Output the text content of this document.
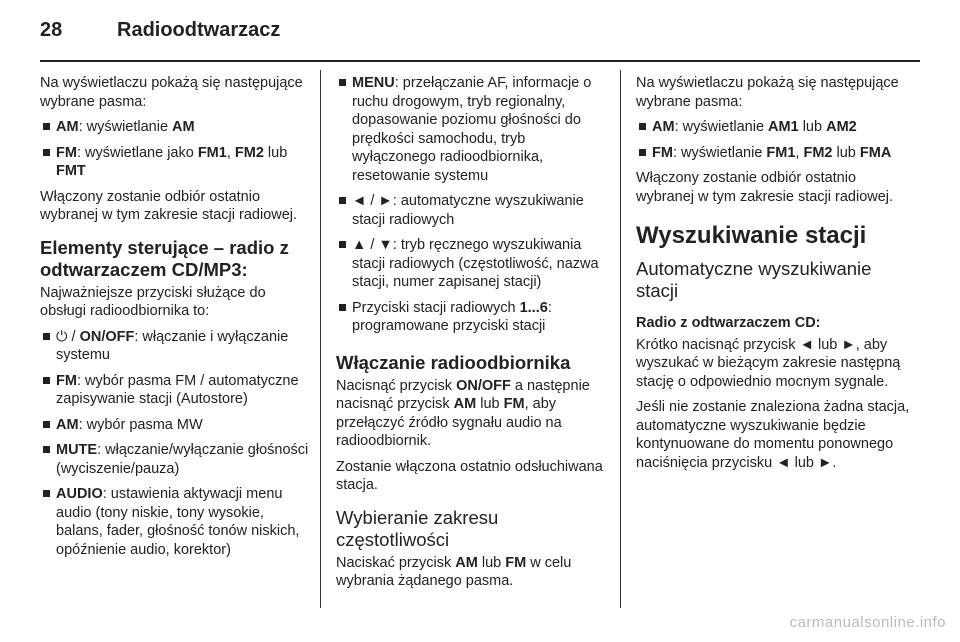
28	Radioodtwarzacz

Na wyświetlaczu pokażą się następujące wybrane pasma:

AM: wyświetlanie AM
FM: wyświetlane jako FM1, FM2 lub FMT

Włączony zostanie odbiór ostatnio wybranej w tym zakresie stacji radiowej.

Elementy sterujące – radio z odtwarzaczem CD/MP3:

Najważniejsze przyciski służące do obsługi radioodbiornika to:

⏻ / ON/OFF: włączanie i wyłączanie systemu
FM: wybór pasma FM / automatyczne zapisywanie stacji (Autostore)
AM: wybór pasma MW
MUTE: włączanie/wyłączanie głośności (wyciszenie/pauza)
AUDIO: ustawienia aktywacji menu audio (tony niskie, tony wysokie, balans, fader, głośność tonów niskich, opóźnienie audio, korektor)
MENU: przełączanie AF, informacje o ruchu drogowym, tryb regionalny, dopasowanie poziomu głośności do prędkości samochodu, tryb wyłączonego radioodbiornika, resetowanie systemu
◄ / ►: automatyczne wyszukiwanie stacji radiowych
▲ / ▼: tryb ręcznego wyszukiwania stacji radiowych (częstotliwość, nazwa stacji, numer zapisanej stacji)
Przyciski stacji radiowych 1...6: programowane przyciski stacji
Włączanie radioodbiornika

Nacisnąć przycisk ON/OFF a następnie nacisnąć przycisk AM lub FM, aby przełączyć źródło sygnału audio na radioodbiornik.

Zostanie włączona ostatnio odsłuchiwana stacja.

Wybieranie zakresu częstotliwości

Naciskać przycisk AM lub FM w celu wybrania żądanego pasma.

Na wyświetlaczu pokażą się następujące wybrane pasma:

AM: wyświetlanie AM1 lub AM2
FM: wyświetlanie FM1, FM2 lub FMA

Włączony zostanie odbiór ostatnio wybranej w tym zakresie stacji radiowej.

Wyszukiwanie stacji
Automatyczne wyszukiwanie stacji
Radio z odtwarzaczem CD:

Krótko nacisnąć przycisk ◄ lub ►, aby wyszukać w bieżącym zakresie następną stację o odpowiednio mocnym sygnale.

Jeśli nie zostanie znaleziona żadna stacja, automatyczne wyszukiwanie będzie kontynuowane do momentu ponownego naciśnięcia przycisku ◄ lub ►.

carmanualsonline.info
